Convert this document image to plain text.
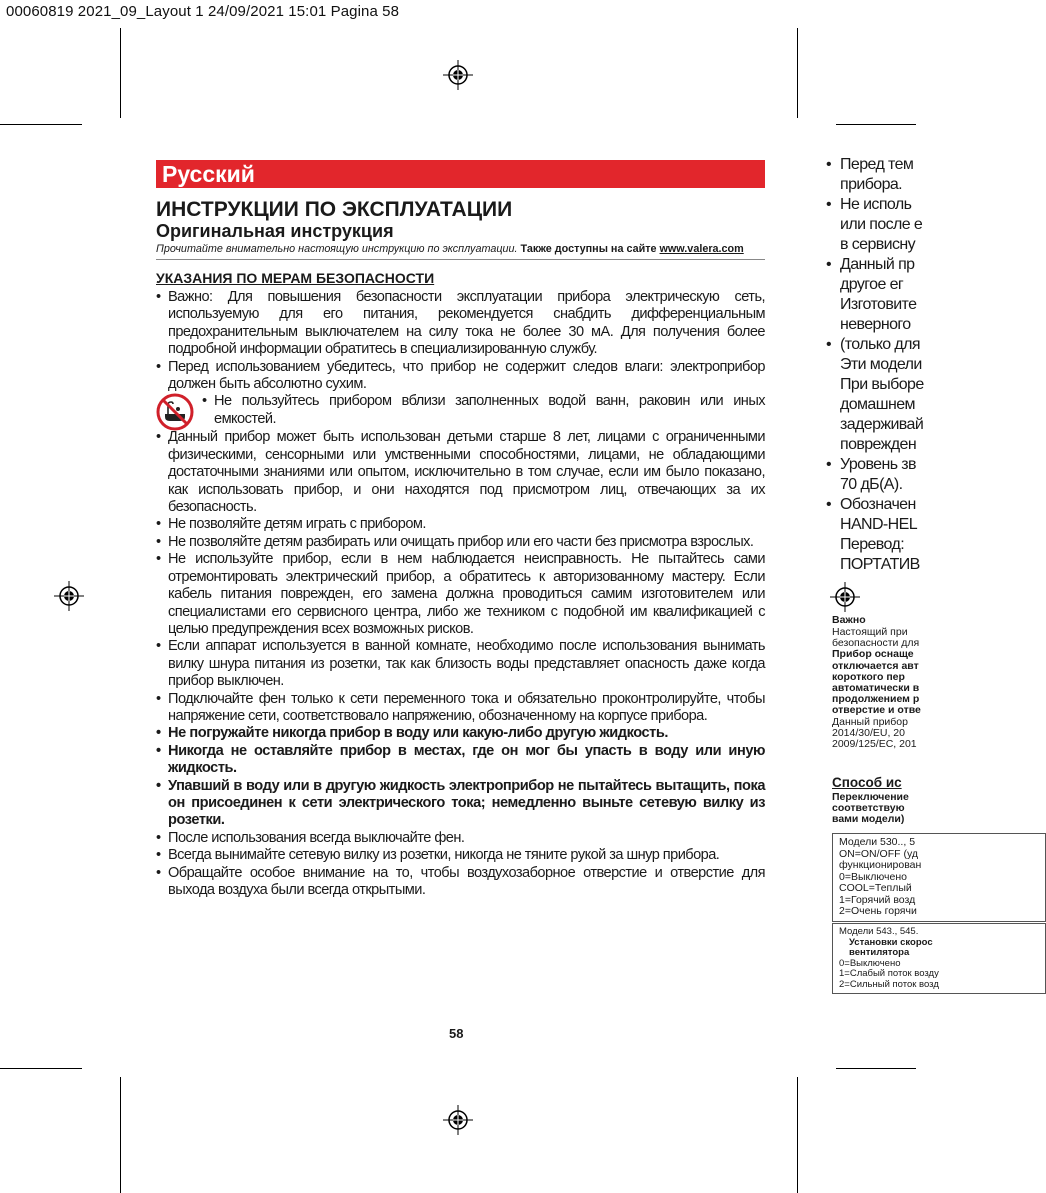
00060819 2021_09_Layout 1 24/09/2021 15:01 Pagina 58
Русский
ИНСТРУКЦИИ ПО ЭКСПЛУАТАЦИИ
Оригинальная инструкция
Прочитайте внимательно настоящую инструкцию по эксплуатации. Также доступны на сайте www.valera.com
УКАЗАНИЯ ПО МЕРАМ БЕЗОПАСНОСТИ
• Важно: Для повышения безопасности эксплуатации прибора электрическую сеть, используемую для его питания, рекомендуется снабдить дифференциальным предохранительным выключателем на силу тока не более 30 мА. Для получения более подробной информации обратитесь в специализированную службу.
• Перед использованием убедитесь, что прибор не содержит следов влаги: электроприбор должен быть абсолютно сухим.
• Не пользуйтесь прибором вблизи заполненных водой ванн, раковин или иных емкостей.
• Данный прибор может быть использован детьми старше 8 лет, лицами с ограниченными физическими, сенсорными или умственными способностями, лицами, не обладающими достаточными знаниями или опытом, исключительно в том случае, если им было показано, как использовать прибор, и они находятся под присмотром лиц, отвечающих за их безопасность.
• Не позволяйте детям играть с прибором.
• Не позволяйте детям разбирать или очищать прибор или его части без присмотра взрослых.
• Не используйте прибор, если в нем наблюдается неисправность. Не пытайтесь сами отремонтировать электрический прибор, а обратитесь к авторизованному мастеру. Если кабель питания поврежден, его замена должна проводиться самим изготовителем или специалистами его сервисного центра, либо же техником с подобной им квалификацией с целью предупреждения всех возможных рисков.
• Если аппарат используется в ванной комнате, необходимо после использования вынимать вилку шнура питания из розетки, так как близость воды представляет опасность даже когда прибор выключен.
• Подключайте фен только к сети переменного тока и обязательно проконтролируйте, чтобы напряжение сети, соответствовало напряжению, обозначенному на корпусе прибора.
• Не погружайте никогда прибор в воду или какую-либо другую жидкость.
• Никогда не оставляйте прибор в местах, где он мог бы упасть в воду или иную жидкость.
• Упавший в воду или в другую жидкость электроприбор не пытайтесь вытащить, пока он присоединен к сети электрического тока; немедленно выньте сетевую вилку из розетки.
• После использования всегда выключайте фен.
• Всегда вынимайте сетевую вилку из розетки, никогда не тяните рукой за шнур прибора.
• Обращайте особое внимание на то, чтобы воздухозаборное отверстие и отверстие для выхода воздуха были всегда открытыми.
58
• Перед тем
прибора.
• Не исполь
или после е
в сервисну
• Данный пр
другое ег
Изготовите
неверного
• (только для
Эти модели
При выборе
домашнем
задерживай
поврежден
• Уровень зв
70 дБ(А).
• Обозначен
HAND-HEL
Перевод:
ПОРТАТИВ
Важно
Настоящий при
безопасности для
Прибор оснаще
отключается авт
короткого пер
автоматически в
продолжением р
отверстие и отве
Данный прибор
2014/30/EU, 20
2009/125/EC, 201
Способ ис
Переключение
соответствую
вами модели)
Модели 530.., 5
ON=ON/OFF (уд
функционирован
0=Выключено
COOL=Теплый
1=Горячий возд
2=Очень горячи
Модели 543., 545.
Установки скорос
вентилятора
0=Выключено
1=Слабый поток возду
2=Сильный поток возд
